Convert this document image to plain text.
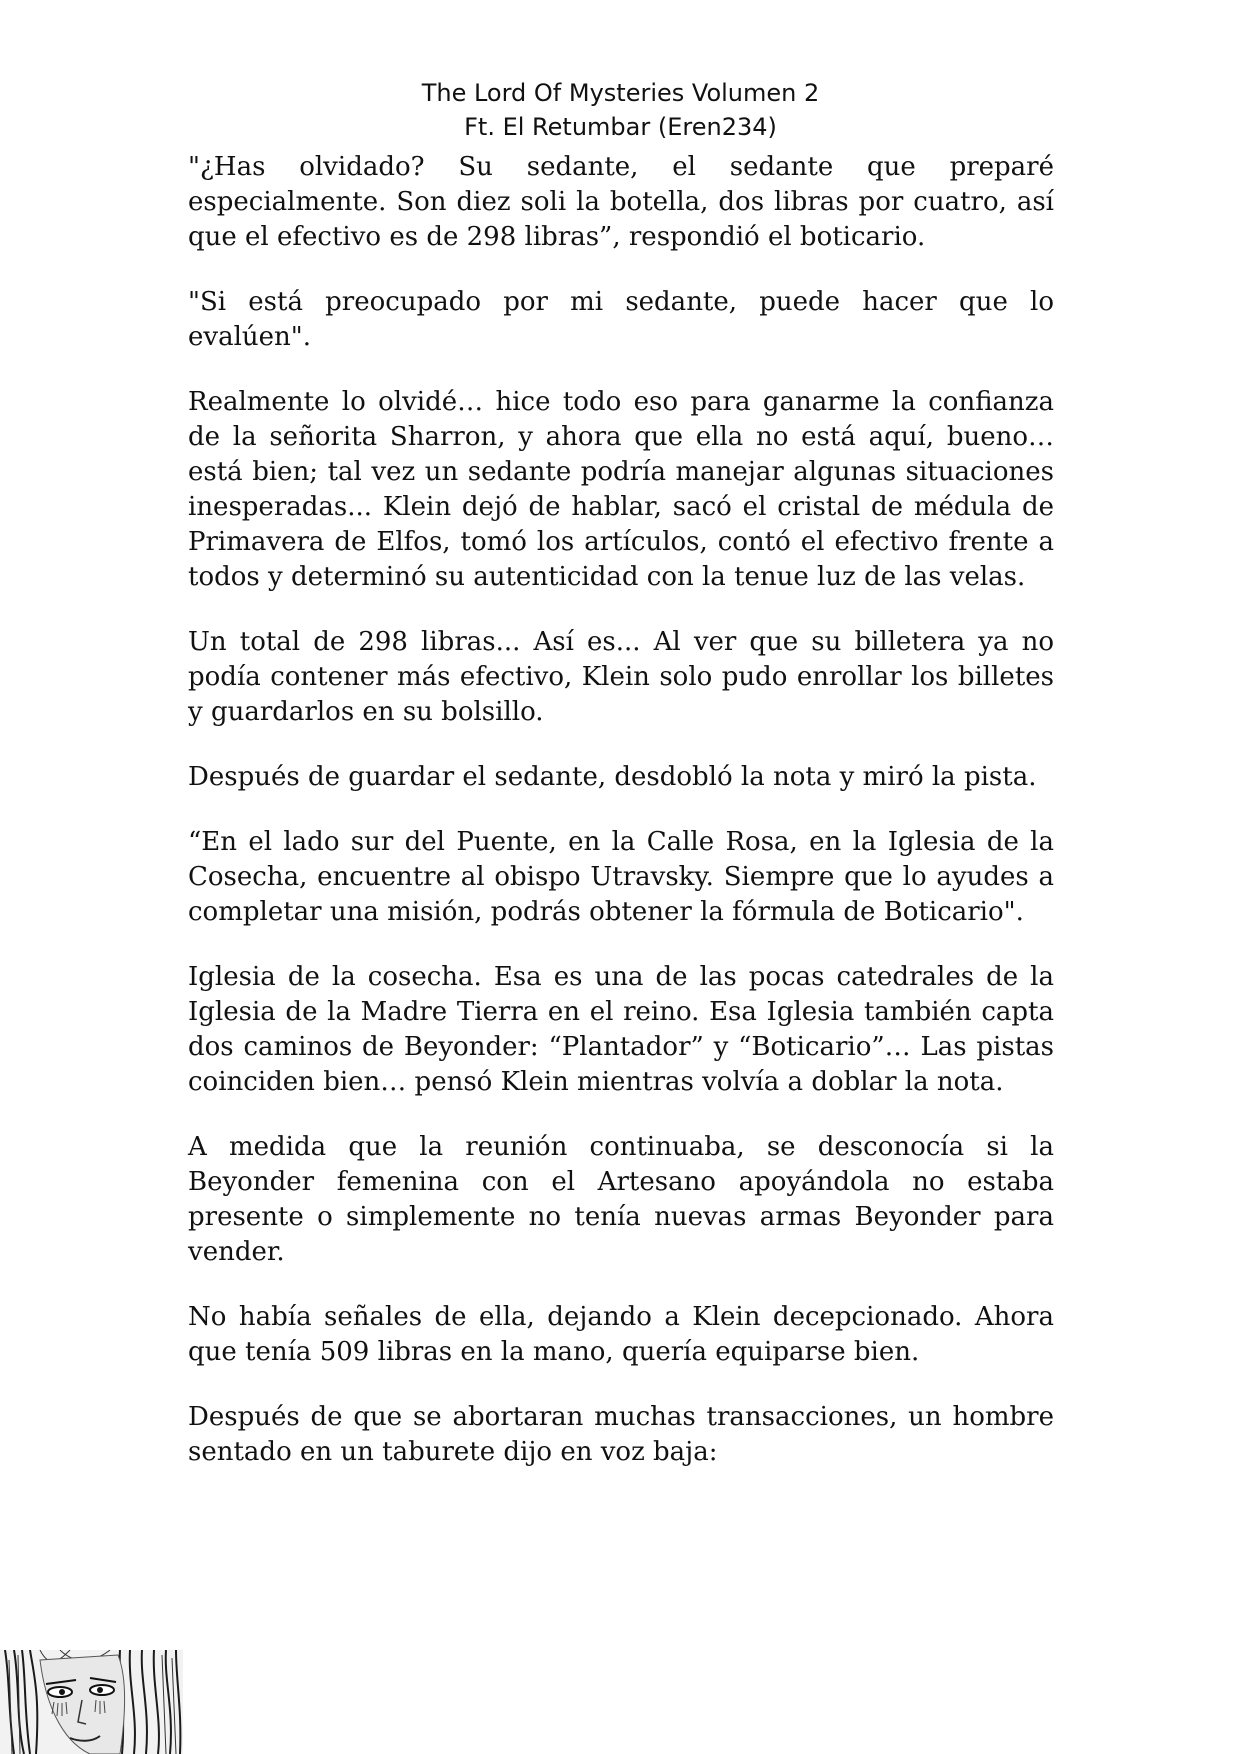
The Lord Of Mysteries Volumen 2
Ft. El Retumbar (Eren234)

"¿Has olvidado? Su sedante, el sedante que preparé especialmente. Son diez soli la botella, dos libras por cuatro, así que el efectivo es de 298 libras”, respondió el boticario.

"Si está preocupado por mi sedante, puede hacer que lo evalúen".

Realmente lo olvidé… hice todo eso para ganarme la confianza de la señorita Sharron, y ahora que ella no está aquí, bueno… está bien; tal vez un sedante podría manejar algunas situaciones inesperadas... Klein dejó de hablar, sacó el cristal de médula de Primavera de Elfos, tomó los artículos, contó el efectivo frente a todos y determinó su autenticidad con la tenue luz de las velas.

Un total de 298 libras... Así es... Al ver que su billetera ya no podía contener más efectivo, Klein solo pudo enrollar los billetes y guardarlos en su bolsillo.

Después de guardar el sedante, desdobló la nota y miró la pista.

“En el lado sur del Puente, en la Calle Rosa, en la Iglesia de la Cosecha, encuentre al obispo Utravsky. Siempre que lo ayudes a completar una misión, podrás obtener la fórmula de Boticario".

Iglesia de la cosecha. Esa es una de las pocas catedrales de la Iglesia de la Madre Tierra en el reino. Esa Iglesia también capta dos caminos de Beyonder: “Plantador” y “Boticario”… Las pistas coinciden bien… pensó Klein mientras volvía a doblar la nota.

A medida que la reunión continuaba, se desconocía si la Beyonder femenina con el Artesano apoyándola no estaba presente o simplemente no tenía nuevas armas Beyonder para vender.

No había señales de ella, dejando a Klein decepcionado. Ahora que tenía 509 libras en la mano, quería equiparse bien.

Después de que se abortaran muchas transacciones, un hombre sentado en un taburete dijo en voz baja:
